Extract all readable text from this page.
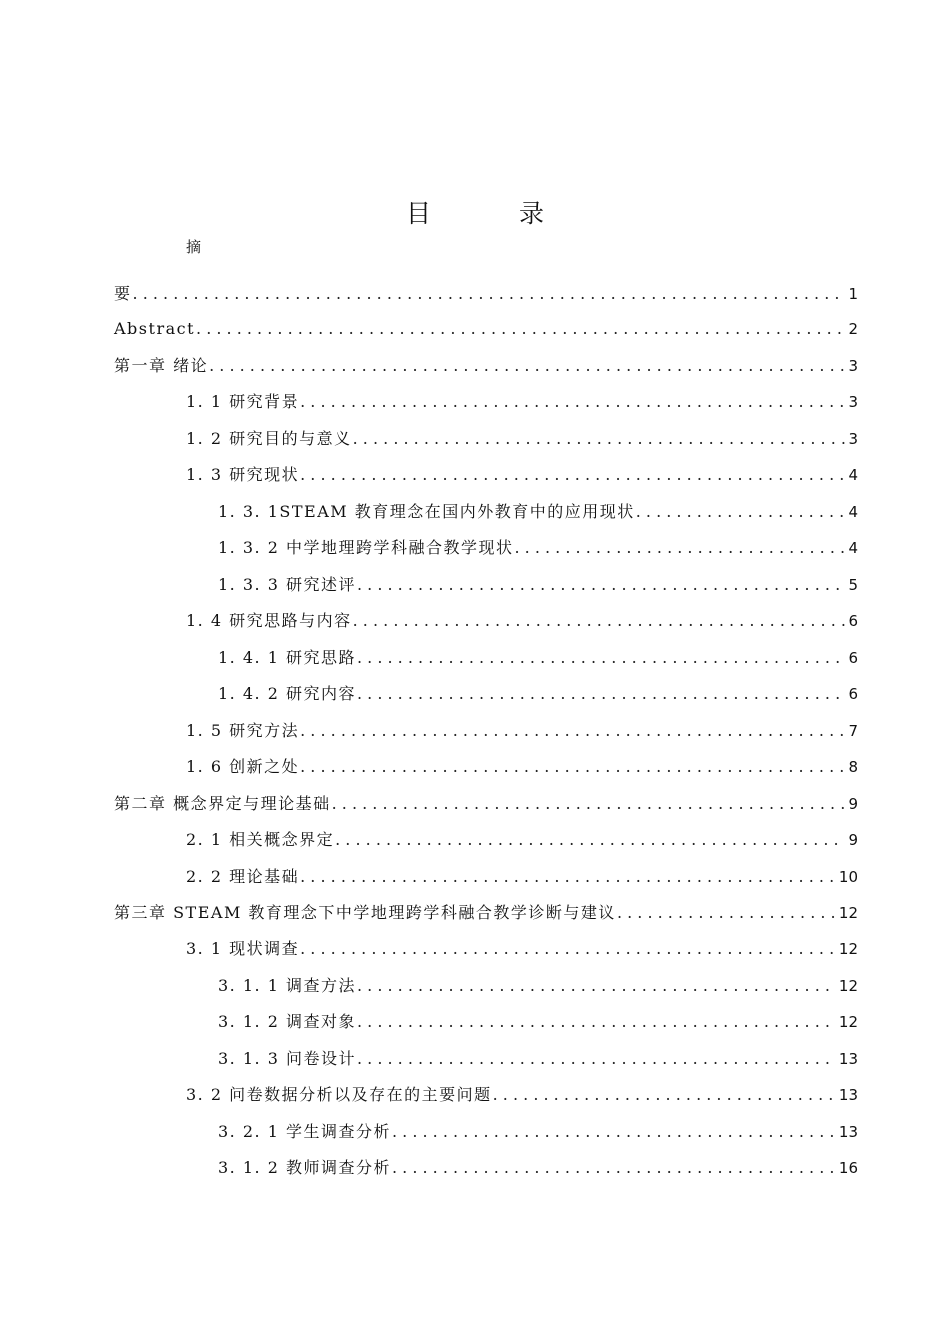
目 录
摘
要 . . .	1
Abstract . . .	2
第一章 绪论 . . .	3
1. 1 研究背景 . . .	3
1. 2 研究目的与意义 . . .	3
1. 3 研究现状 . . .	4
1. 3. 1STEAM 教育理念在国内外教育中的应用现状 . . .	4
1. 3. 2 中学地理跨学科融合教学现状 . . .	4
1. 3. 3 研究述评 . . .	5
1. 4 研究思路与内容 . . .	6
1. 4. 1 研究思路 . . .	6
1. 4. 2 研究内容 . . .	6
1. 5 研究方法 . . .	7
1. 6 创新之处 . . .	8
第二章 概念界定与理论基础 . . .	9
2. 1 相关概念界定 . . .	9
2. 2 理论基础 . . .	10
第三章 STEAM 教育理念下中学地理跨学科融合教学诊断与建议 . . .	12
3. 1 现状调查 . . .	12
3. 1. 1 调查方法 . . .	12
3. 1. 2 调查对象 . . .	12
3. 1. 3 问卷设计 . . .	13
3. 2 问卷数据分析以及存在的主要问题 . . .	13
3. 2. 1 学生调查分析 . . .	13
3. 1. 2 教师调查分析 . . .	16
